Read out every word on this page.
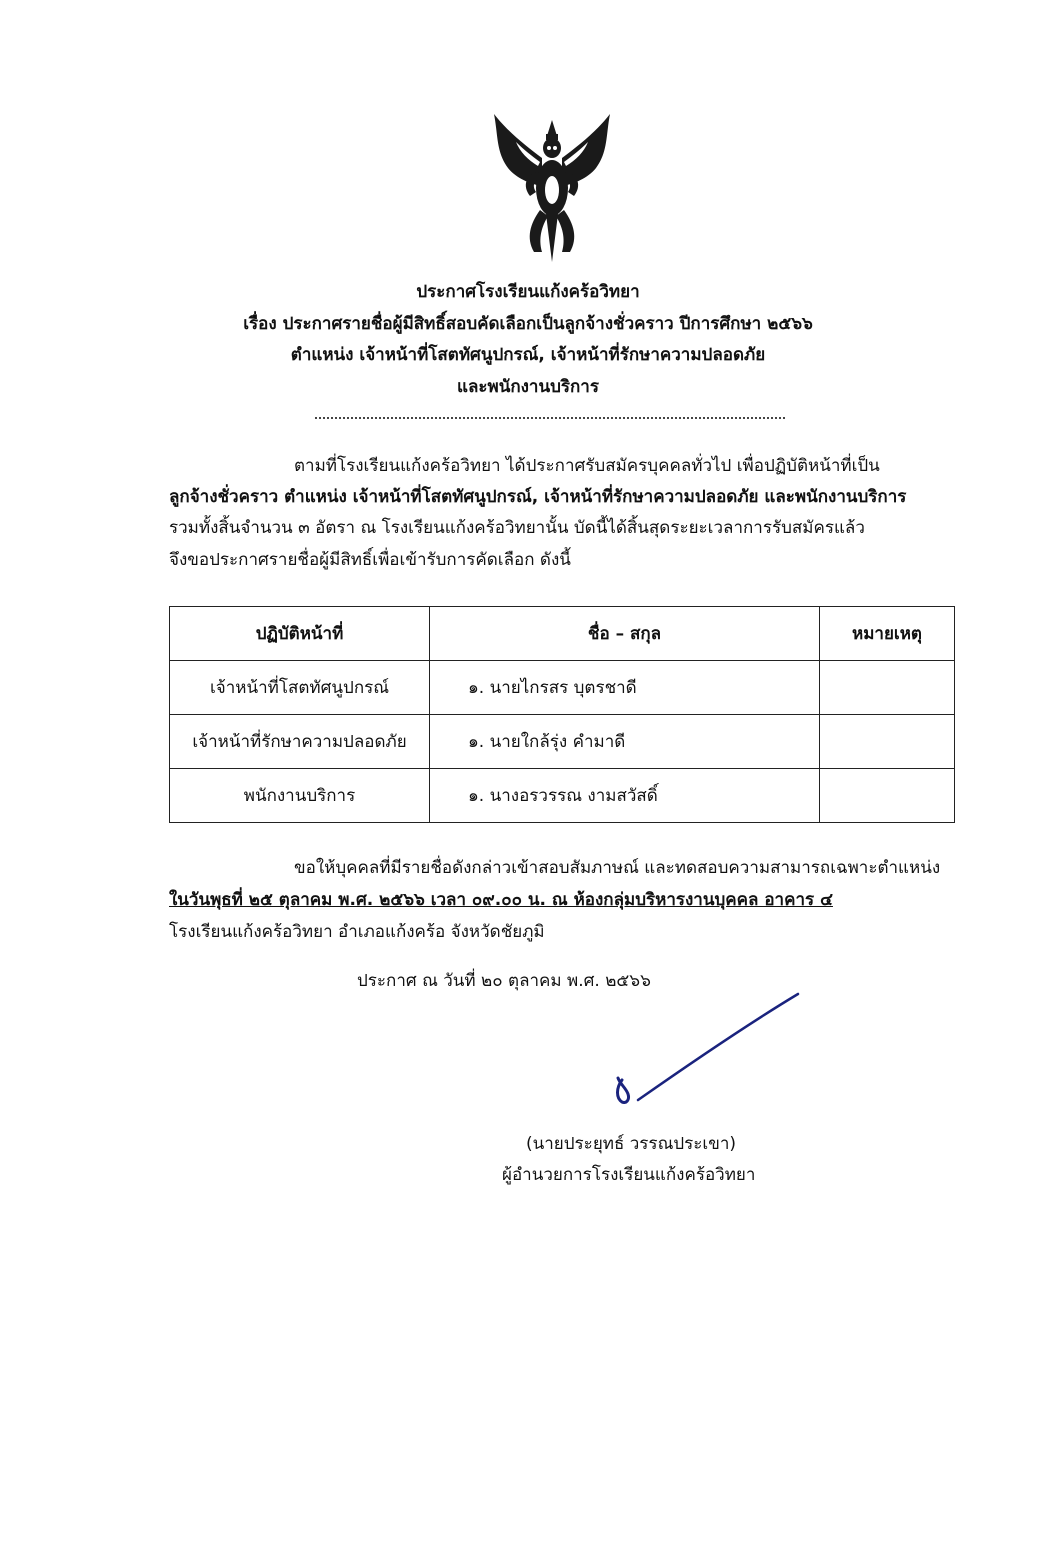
ประกาศโรงเรียนแก้งคร้อวิทยา
เรื่อง ประกาศรายชื่อผู้มีสิทธิ์สอบคัดเลือกเป็นลูกจ้างชั่วคราว ปีการศึกษา ๒๕๖๖
ตำแหน่ง เจ้าหน้าที่โสตทัศนูปกรณ์, เจ้าหน้าที่รักษาความปลอดภัย
และพนักงานบริการ
ตามที่โรงเรียนแก้งคร้อวิทยา ได้ประกาศรับสมัครบุคคลทั่วไป เพื่อปฏิบัติหน้าที่เป็น
ลูกจ้างชั่วคราว ตำแหน่ง เจ้าหน้าที่โสตทัศนูปกรณ์, เจ้าหน้าที่รักษาความปลอดภัย และพนักงานบริการ
รวมทั้งสิ้นจำนวน ๓ อัตรา ณ โรงเรียนแก้งคร้อวิทยานั้น บัดนี้ได้สิ้นสุดระยะเวลาการรับสมัครแล้ว
จึงขอประกาศรายชื่อผู้มีสิทธิ์เพื่อเข้ารับการคัดเลือก ดังนี้
ปฏิบัติหน้าที่	ชื่อ – สกุล	หมายเหตุ
เจ้าหน้าที่โสตทัศนูปกรณ์	๑. นายไกรสร บุตรชาดี	
เจ้าหน้าที่รักษาความปลอดภัย	๑. นายใกล้รุ่ง คำมาดี	
พนักงานบริการ	๑. นางอรวรรณ งามสวัสดิ์	
ขอให้บุคคลที่มีรายชื่อดังกล่าวเข้าสอบสัมภาษณ์ และทดสอบความสามารถเฉพาะตำแหน่ง
ในวันพุธที่ ๒๕ ตุลาคม พ.ศ. ๒๕๖๖ เวลา ๐๙.๐๐ น. ณ ห้องกลุ่มบริหารงานบุคคล อาคาร ๔
โรงเรียนแก้งคร้อวิทยา อำเภอแก้งคร้อ จังหวัดชัยภูมิ
ประกาศ ณ วันที่ ๒๐ ตุลาคม พ.ศ. ๒๕๖๖
(นายประยุทธ์ วรรณประเขา)
ผู้อำนวยการโรงเรียนแก้งคร้อวิทยา
